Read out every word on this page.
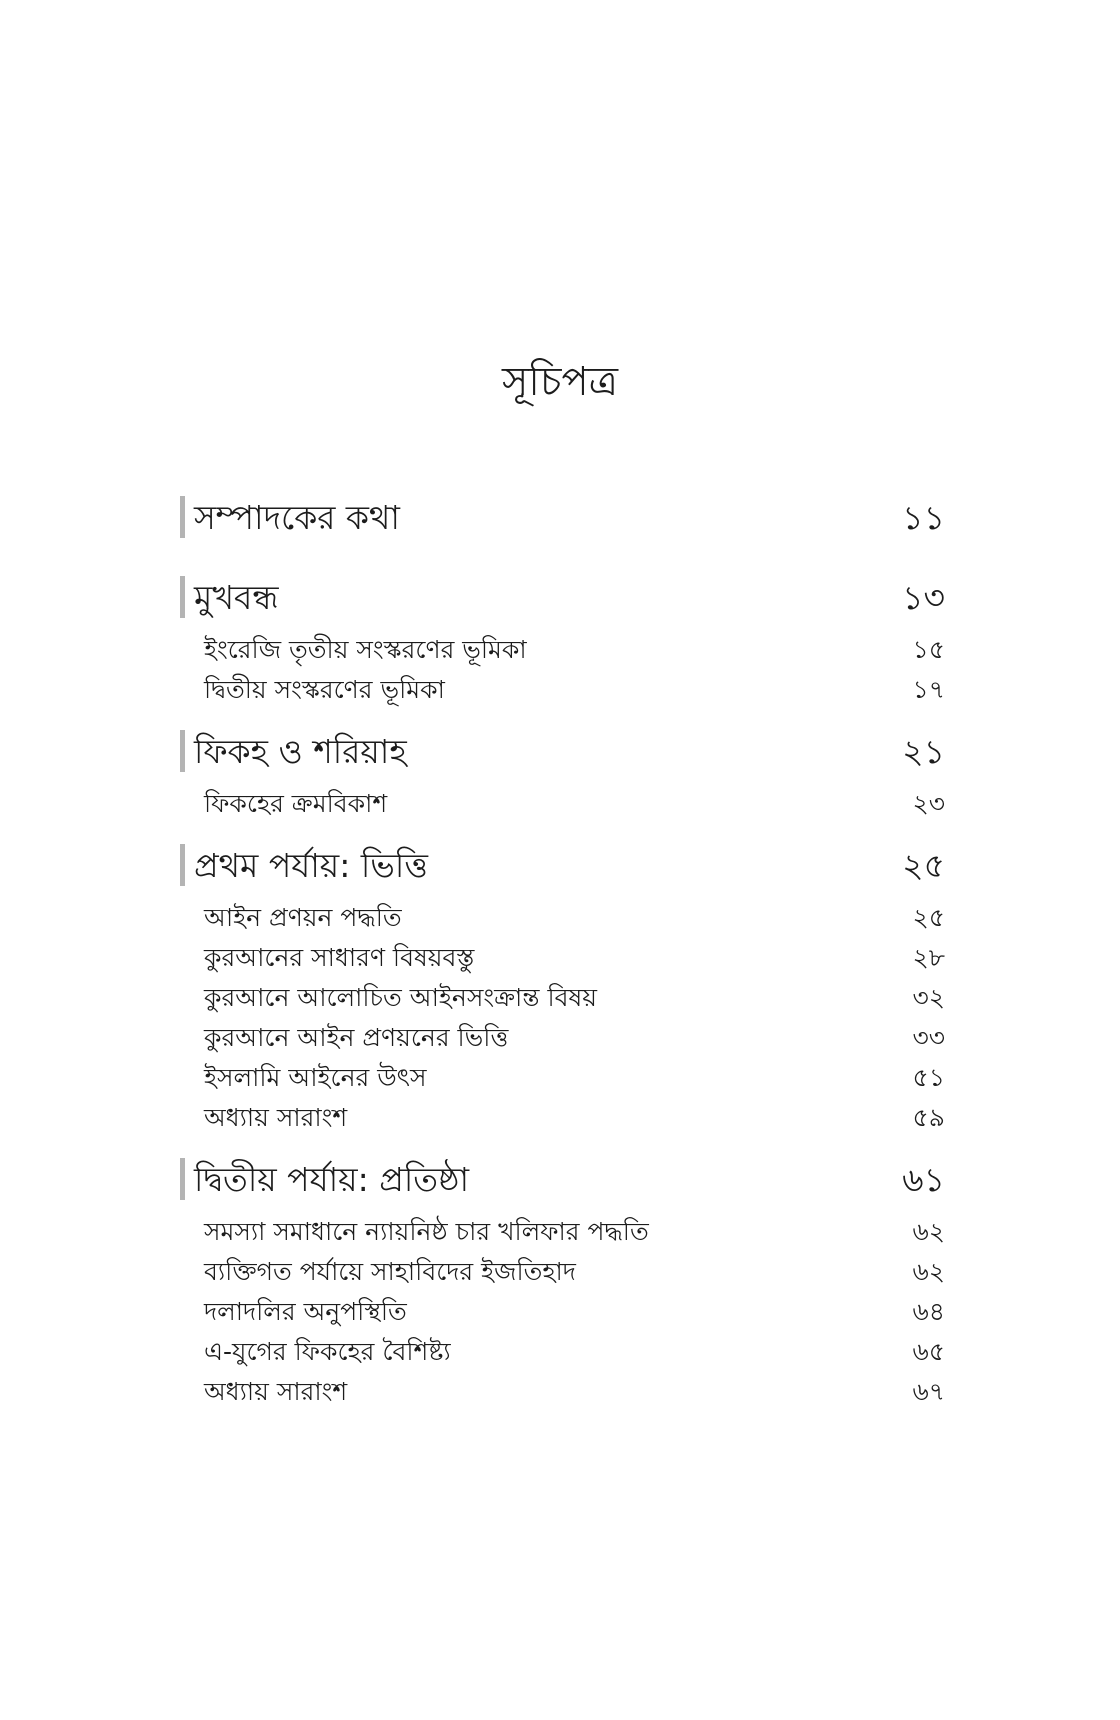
সূচিপত্র
সম্পাদকের কথা	১১
মুখবন্ধ	১৩
ইংরেজি তৃতীয় সংস্করণের ভূমিকা	১৫
দ্বিতীয় সংস্করণের ভূমিকা	১৭
ফিকহ ও শরিয়াহ	২১
ফিকহের ক্রমবিকাশ	২৩
প্রথম পর্যায়: ভিত্তি	২৫
আইন প্রণয়ন পদ্ধতি	২৫
কুরআনের সাধারণ বিষয়বস্তু	২৮
কুরআনে আলোচিত আইনসংক্রান্ত বিষয়	৩২
কুরআনে আইন প্রণয়নের ভিত্তি	৩৩
ইসলামি আইনের উৎস	৫১
অধ্যায় সারাংশ	৫৯
দ্বিতীয় পর্যায়: প্রতিষ্ঠা	৬১
সমস্যা সমাধানে ন্যায়নিষ্ঠ চার খলিফার পদ্ধতি	৬২
ব্যক্তিগত পর্যায়ে সাহাবিদের ইজতিহাদ	৬২
দলাদলির অনুপস্থিতি	৬৪
এ-যুগের ফিকহের বৈশিষ্ট্য	৬৫
অধ্যায় সারাংশ	৬৭
